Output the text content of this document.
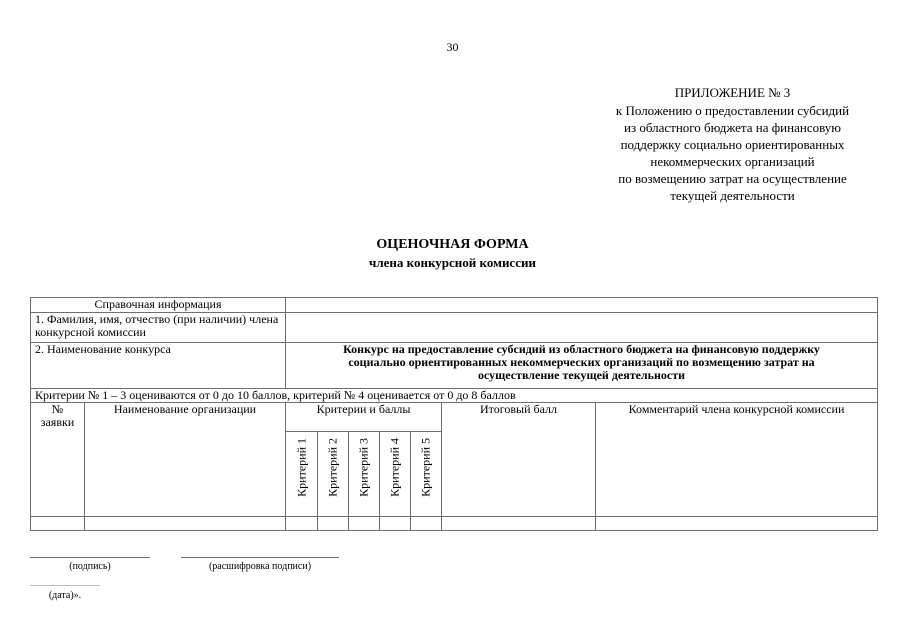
30
ПРИЛОЖЕНИЕ № 3
к Положению о предоставлении субсидий
из областного бюджета на финансовую
поддержку социально ориентированных
некоммерческих организаций
по возмещению затрат на осуществление
текущей деятельности
ОЦЕНОЧНАЯ ФОРМА
члена конкурсной комиссии
Справочная информация								
1. Фамилия, имя, отчество (при наличии) члена конкурсной комиссии								
2. Наименование конкурса		Конкурс на предоставление субсидий из областного бюджета на финансовую поддержку социально ориентированных некоммерческих организаций по возмещению затрат на осуществление текущей деятельности						
Критерии № 1 – 3 оцениваются от 0 до 10 баллов, критерий № 4 оценивается от 0 до 8 баллов								
№ заявки	Наименование организации	Критерии и баллы					Итоговый балл	Комментарий члена конкурсной комиссии

		Критерий 1	Критерий 2	Критерий 3	Критерий 4	Критерий 5		

(подпись)	(расшифровка подписи)
(дата)».
